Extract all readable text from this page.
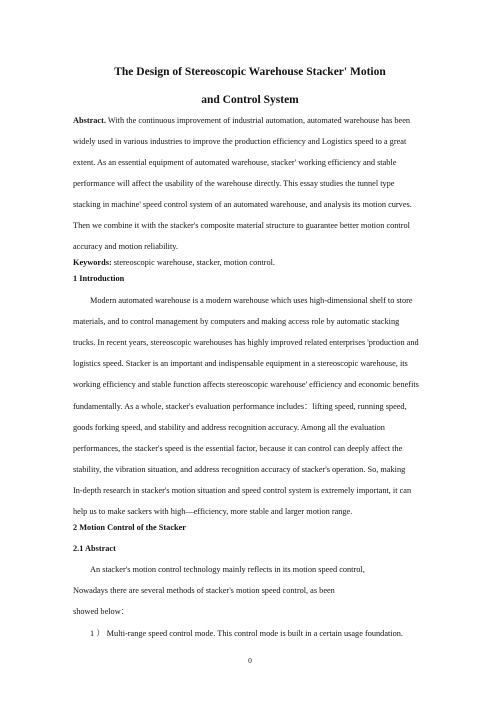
The Design of Stereoscopic Warehouse Stacker' Motion
and Control System
Abstract. With the continuous improvement of industrial automation, automated warehouse has been
widely used in various industries to improve the production efficiency and Logistics speed to a great
extent. As an essential equipment of automated warehouse, stacker' working efficiency and stable
performance will affect the usability of the warehouse directly. This essay studies the tunnel type
stacking in machine' speed control system of an automated warehouse, and analysis its motion curves.
Then we combine it with the stacker's composite material structure to guarantee better motion control
accuracy and motion reliability.
Keywords: stereoscopic warehouse, stacker, motion control.
1 Introduction
Modern automated warehouse is a modern warehouse which uses high-dimensional shelf to store
materials, and to control management by computers and making access role by automatic stacking
trucks. In recent years, stereoscopic warehouses has highly improved related enterprises 'production and
logistics speed. Stacker is an important and indispensable equipment in a stereoscopic warehouse, its
working efficiency and stable function affects stereoscopic warehouse' efficiency and economic benefits
fundamentally. As a whole, stacker's evaluation performance includes：lifting speed, running speed,
goods forking speed, and stability and address recognition accuracy. Among all the evaluation
performances, the stacker's speed is the essential factor, because it can control can deeply affect the
stability, the vibration situation, and address recognition accuracy of stacker's operation. So, making
In-depth research in stacker's motion situation and speed control system is extremely important, it can
help us to make sackers with high—efficiency, more stable and larger motion range.
2 Motion Control of the Stacker
2.1 Abstract
An stacker's motion control technology mainly reflects in its motion speed control,
Nowadays there are several methods of stacker's motion speed control, as been
showed below：
1 ） Multi-range speed control mode. This control mode is built in a certain usage foundation.
0
